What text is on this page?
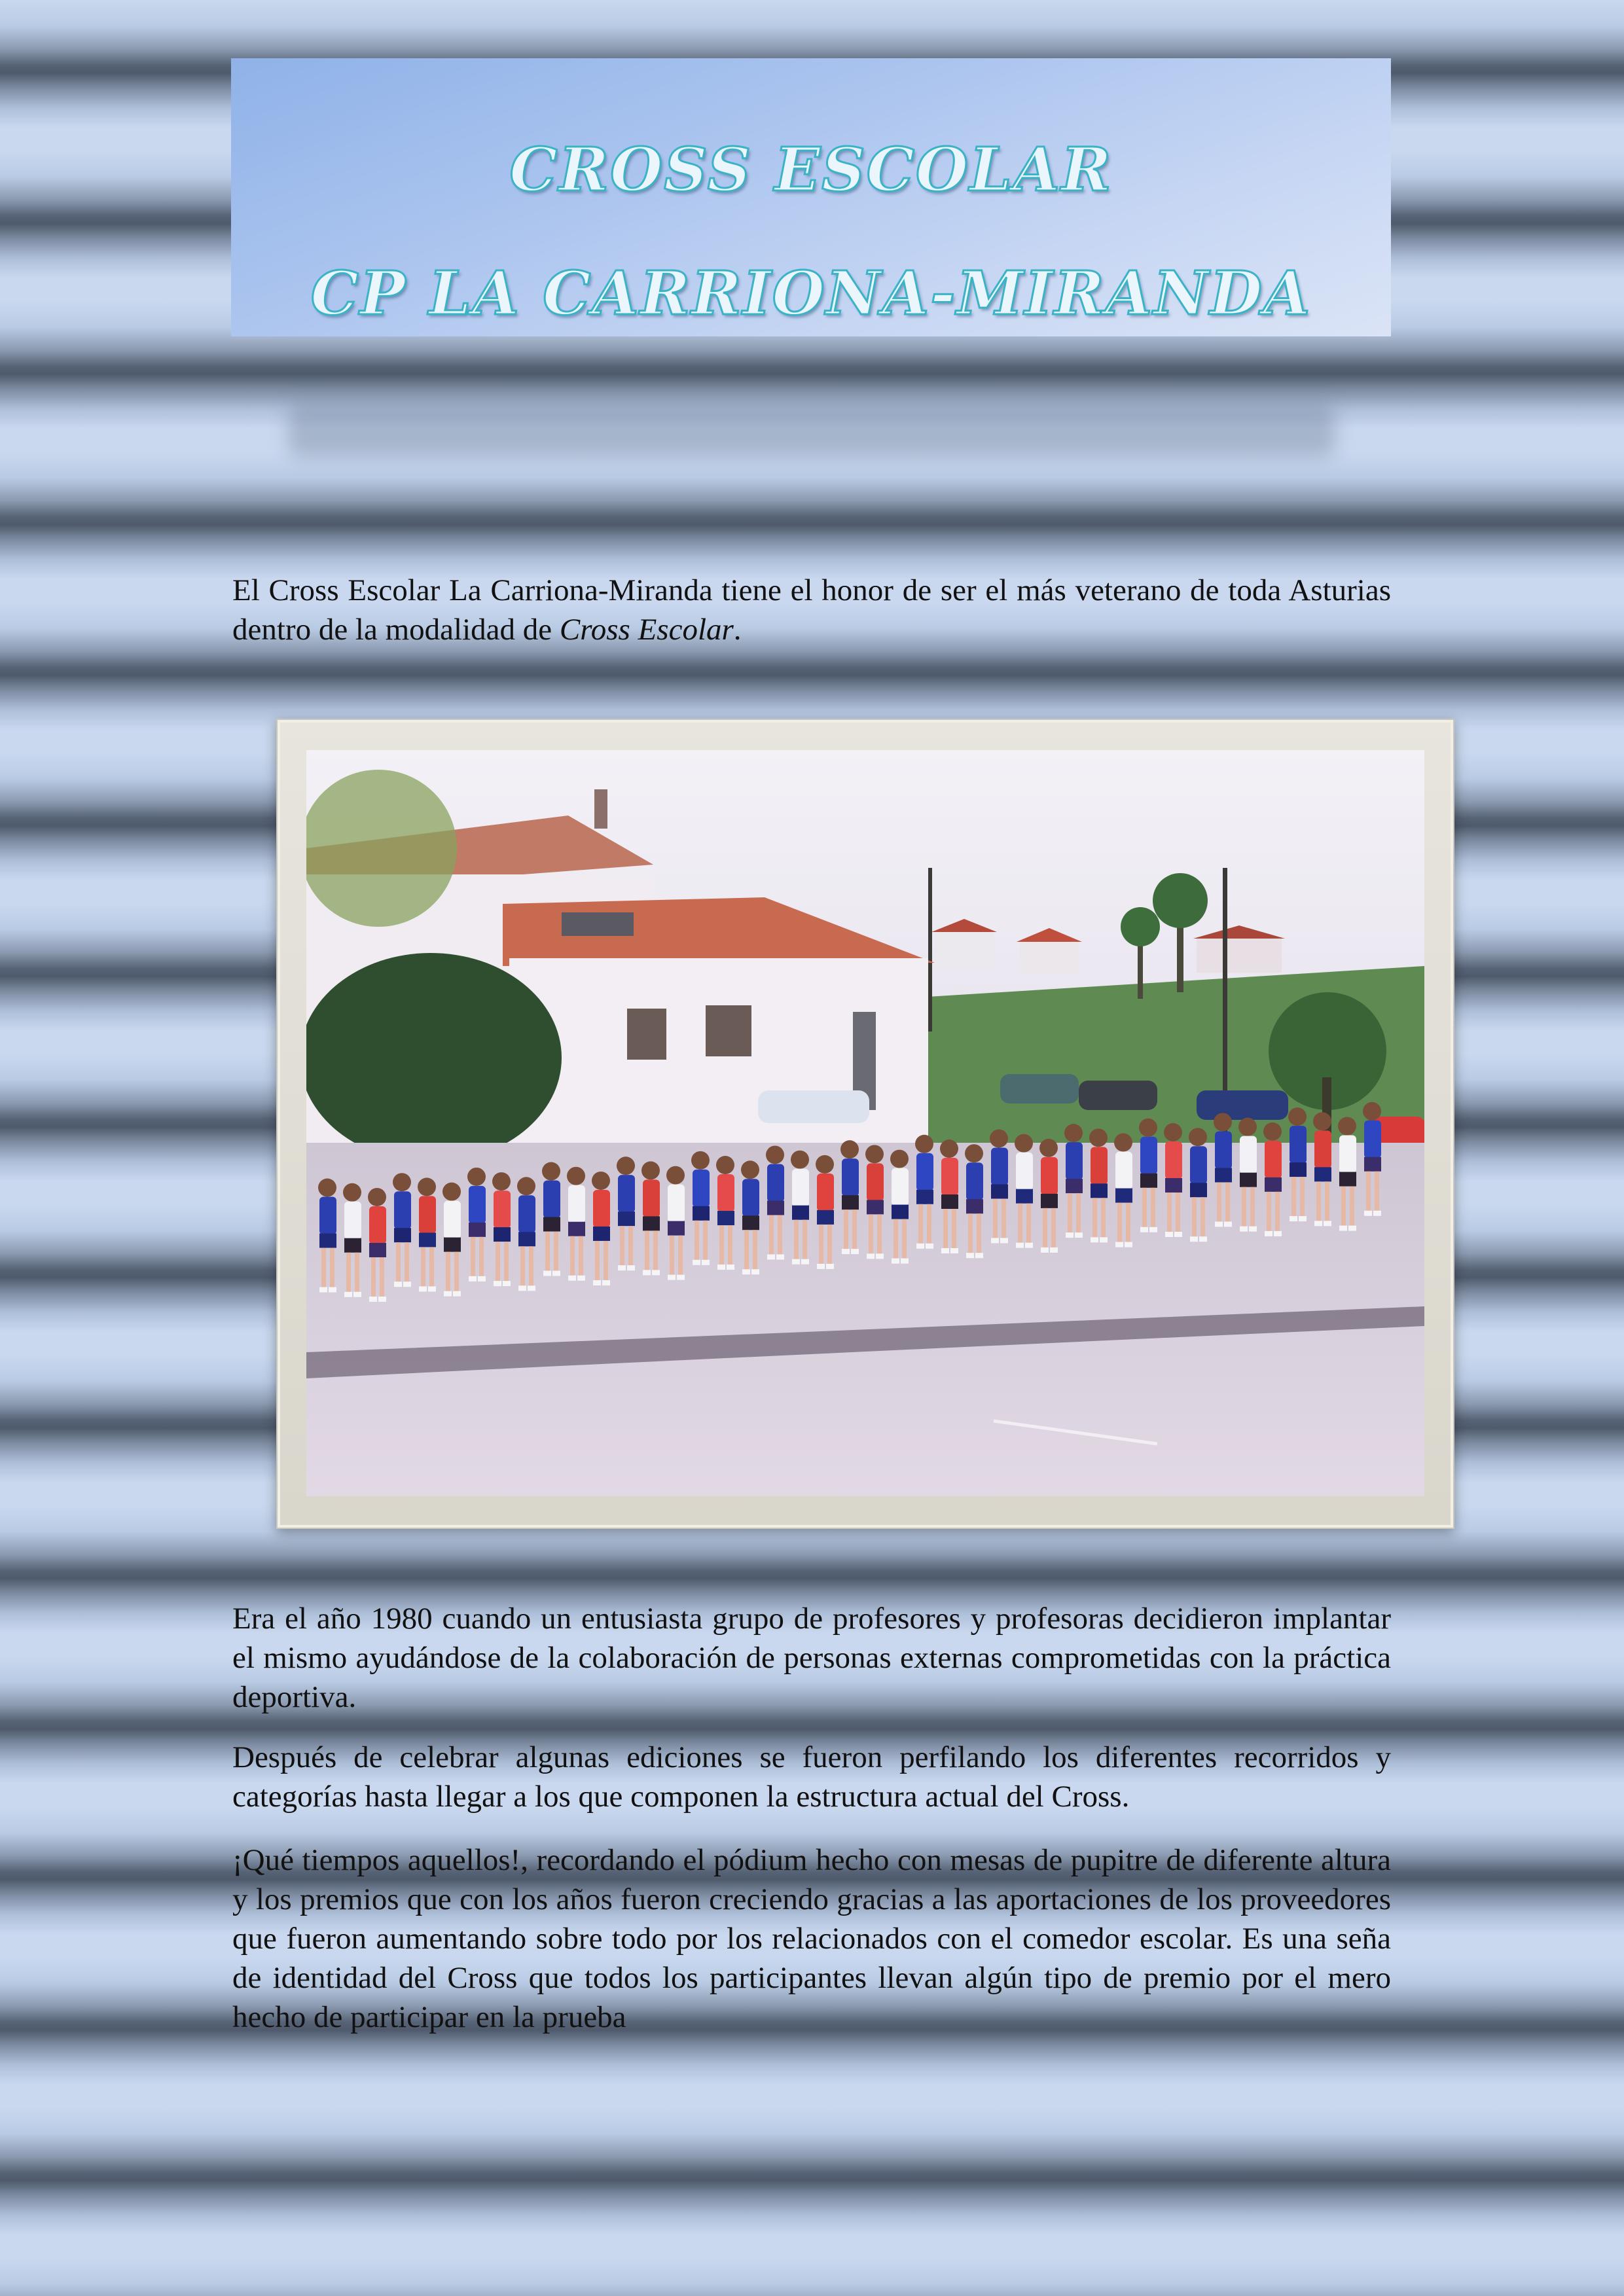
CROSS ESCOLAR
CP LA CARRIONA-MIRANDA
El Cross Escolar La Carriona-Miranda tiene el honor de ser el más veterano de toda Asturias dentro de la modalidad de Cross Escolar.
Era el año 1980 cuando un entusiasta grupo de profesores y profesoras decidieron implantar el mismo ayudándose de la colaboración de personas externas comprometidas con la práctica deportiva.
Después de celebrar algunas ediciones se fueron perfilando los diferentes recorridos y categorías hasta llegar a los que componen la estructura actual del Cross.
¡Qué tiempos aquellos!, recordando el pódium hecho con mesas de pupitre de diferente altura y los premios que con los años fueron creciendo gracias a las aportaciones de los proveedores que fueron aumentando sobre todo por los relacionados con el comedor escolar. Es una seña de identidad del Cross que todos los participantes llevan algún tipo de premio por el mero hecho de participar en la prueba
